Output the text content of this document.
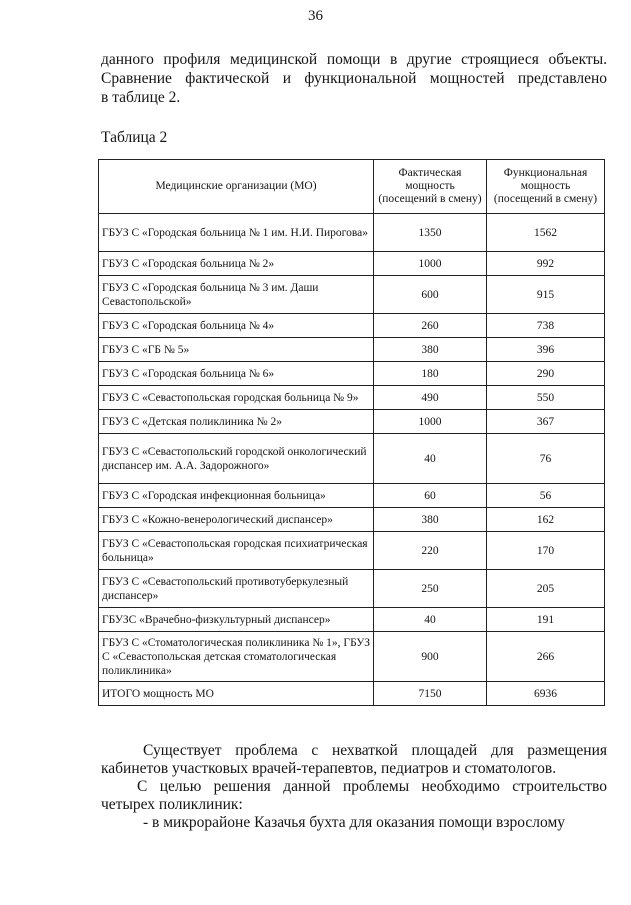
36

данного профиля медицинской помощи в другие строящиеся объекты.

Сравнение фактической и функциональной мощностей представлено

в таблице 2.

Таблица 2
Медицинские организации (МО)	Фактическая мощность (посещений в смену)	Функциональная мощность (посещений в смену)
ГБУЗ С «Городская больница № 1 им. Н.И. Пирогова»	1350	1562
ГБУЗ С «Городская больница № 2»	1000	992
ГБУЗ С «Городская больница № 3 им. Даши Севастопольской»	600	915
ГБУЗ С «Городская больница № 4»	260	738
ГБУЗ С «ГБ № 5»	380	396
ГБУЗ С «Городская больница № 6»	180	290
ГБУЗ С «Севастопольская городская больница № 9»	490	550
ГБУЗ С «Детская поликлиника № 2»	1000	367
ГБУЗ С «Севастопольский городской онкологический диспансер им. А.А. Задорожного»	40	76
ГБУЗ С «Городская инфекционная больница»	60	56
ГБУЗ С «Кожно-венерологический диспансер»	380	162
ГБУЗ С «Севастопольская городская психиатрическая больница»	220	170
ГБУЗ С «Севастопольский противотуберкулезный диспансер»	250	205
ГБУЗС «Врачебно-физкультурный диспансер»	40	191
ГБУЗ С «Стоматологическая поликлиника № 1», ГБУЗ С «Севастопольская детская стоматологическая поликлиника»	900	266
ИТОГО мощность МО	7150	6936

Существует проблема с нехваткой площадей для размещения кабинетов участковых врачей-терапевтов, педиатров и стоматологов.

С целью решения данной проблемы необходимо строительство четырех поликлиник:

- в микрорайоне Казачья бухта для оказания помощи взрослому
